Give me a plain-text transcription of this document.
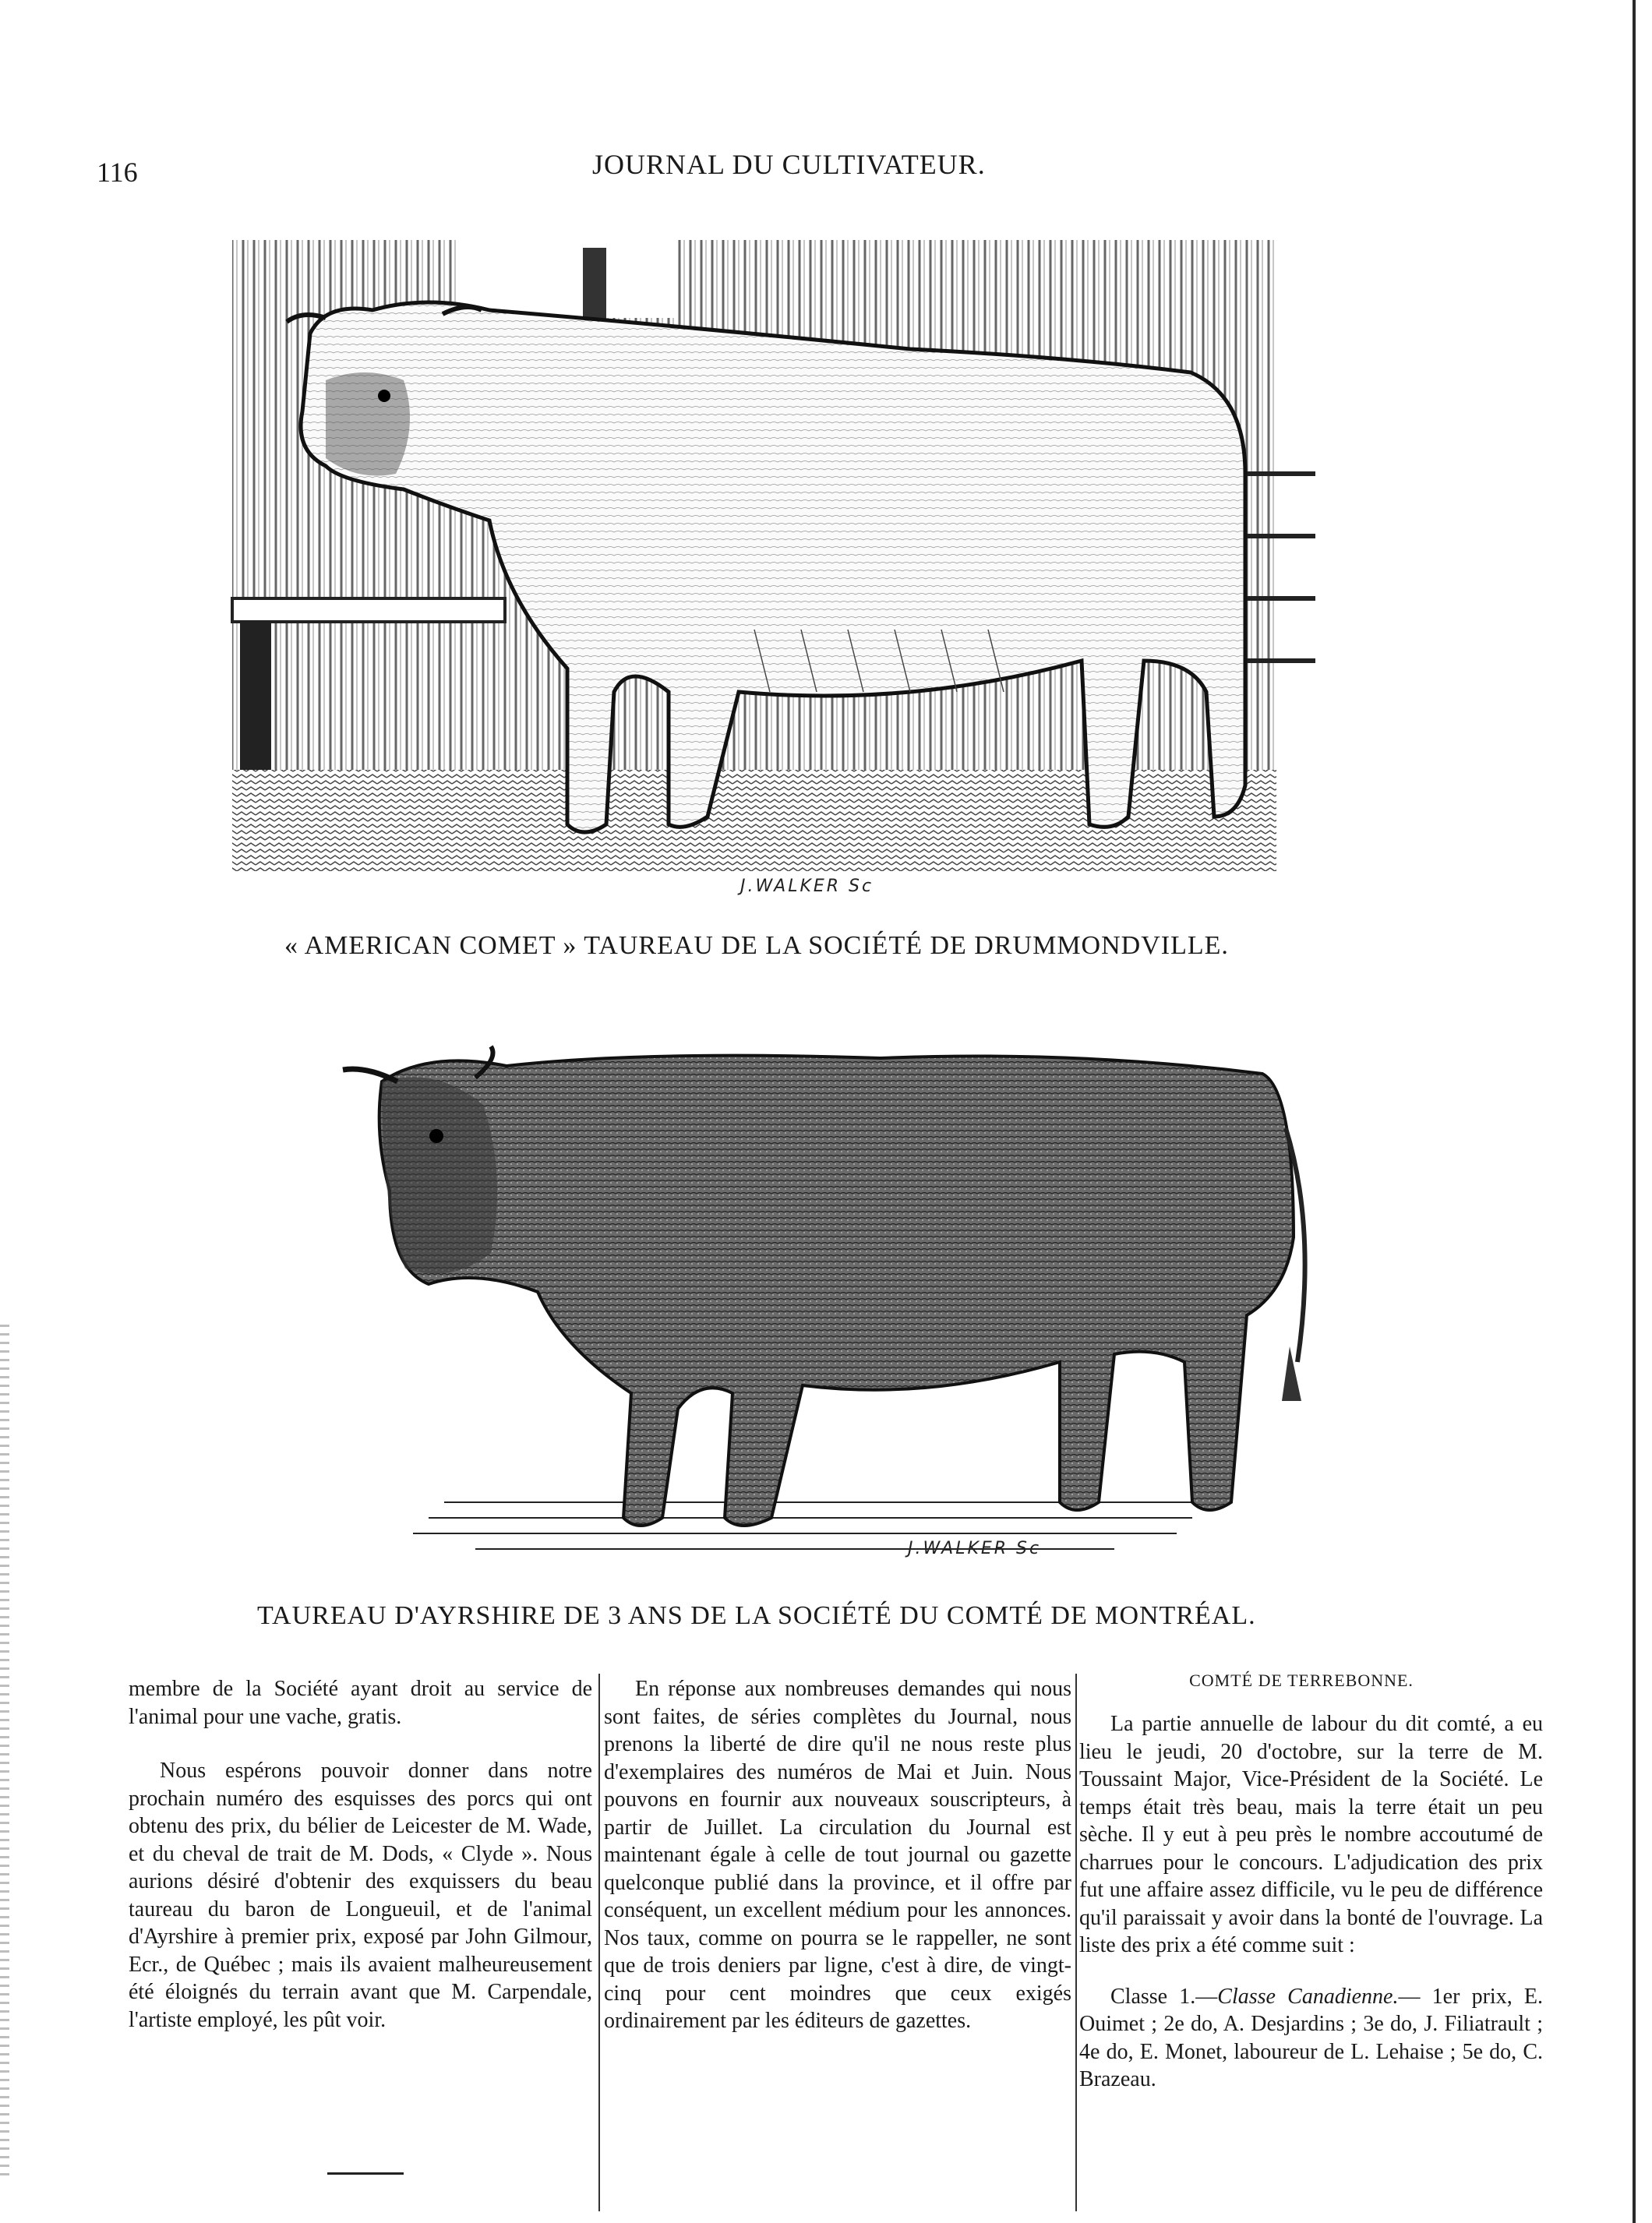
116	JOURNAL DU CULTIVATEUR.
J.WALKER Sc
« AMERICAN COMET » TAUREAU DE LA SOCIÉTÉ DE DRUMMONDVILLE.
J.WALKER Sc
TAUREAU D'AYRSHIRE DE 3 ANS DE LA SOCIÉTÉ DU COMTÉ DE MONTRÉAL.

membre de la Société ayant droit au service de l'animal pour une vache, gratis.

Nous espérons pouvoir donner dans notre prochain numéro des esquisses des porcs qui ont obtenu des prix, du bélier de Leicester de M. Wade, et du cheval de trait de M. Dods, « Clyde ». Nous aurions désiré d'obtenir des exquissers du beau taureau du baron de Longueuil, et de l'animal d'Ayrshire à premier prix, exposé par John Gilmour, Ecr., de Québec ; mais ils avaient malheureusement été éloignés du terrain avant que M. Carpendale, l'artiste employé, les pût voir.

En réponse aux nombreuses demandes qui nous sont faites, de séries complètes du Journal, nous prenons la liberté de dire qu'il ne nous reste plus d'exemplaires des numéros de Mai et Juin. Nous pouvons en fournir aux nouveaux souscripteurs, à partir de Juillet. La circulation du Journal est maintenant égale à celle de tout journal ou gazette quelconque publié dans la province, et il offre par conséquent, un excellent médium pour les annonces. Nos taux, comme on pourra se le rappeller, ne sont que de trois deniers par ligne, c'est à dire, de vingt-cinq pour cent moindres que ceux exigés ordinairement par les éditeurs de gazettes.

COMTÉ DE TERREBONNE.

La partie annuelle de labour du dit comté, a eu lieu le jeudi, 20 d'octobre, sur la terre de M. Toussaint Major, Vice-Président de la Société. Le temps était très beau, mais la terre était un peu sèche. Il y eut à peu près le nombre accoutumé de charrues pour le concours. L'adjudication des prix fut une affaire assez difficile, vu le peu de différence qu'il paraissait y avoir dans la bonté de l'ouvrage. La liste des prix a été comme suit :

Classe 1.—Classe Canadienne.— 1er prix, E. Ouimet ; 2e do, A. Desjardins ; 3e do, J. Filiatrault ; 4e do, E. Monet, laboureur de L. Lehaise ; 5e do, C. Brazeau.
